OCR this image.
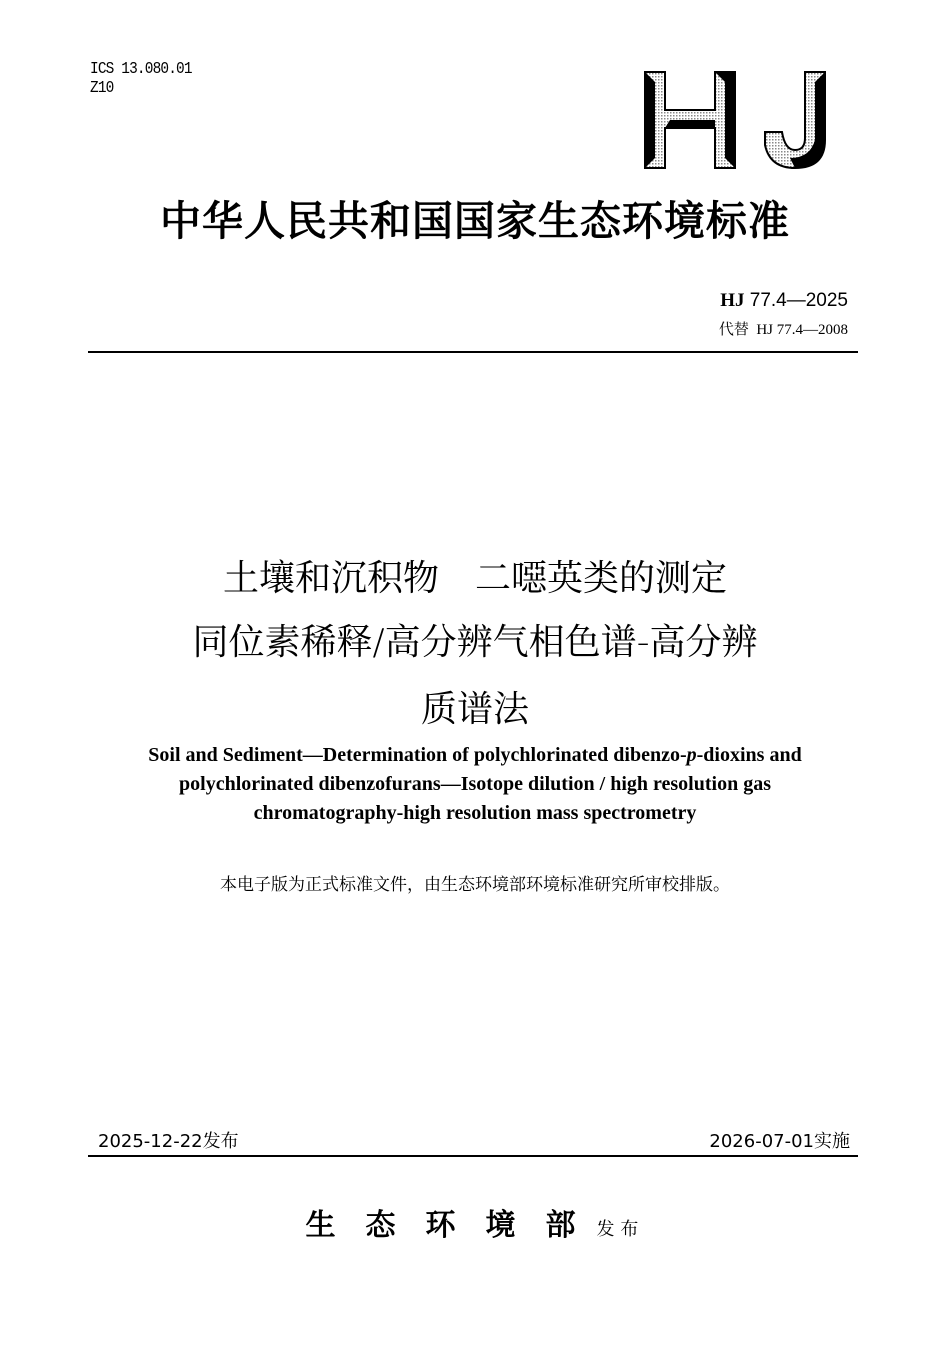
ICS 13.080.01
Z10
中华人民共和国国家生态环境标准
HJ 77.4—2025
代替 HJ 77.4—2008
土壤和沉积物　二噁英类的测定
同位素稀释/高分辨气相色谱-高分辨
质谱法
Soil and Sediment—Determination of polychlorinated dibenzo-p-dioxins and
polychlorinated dibenzofurans—Isotope dilution / high resolution gas
chromatography-high resolution mass spectrometry
本电子版为正式标准文件，由生态环境部环境标准研究所审校排版。
2025-12-22发布	2026-07-01实施
生　态　环　境　部 发布
